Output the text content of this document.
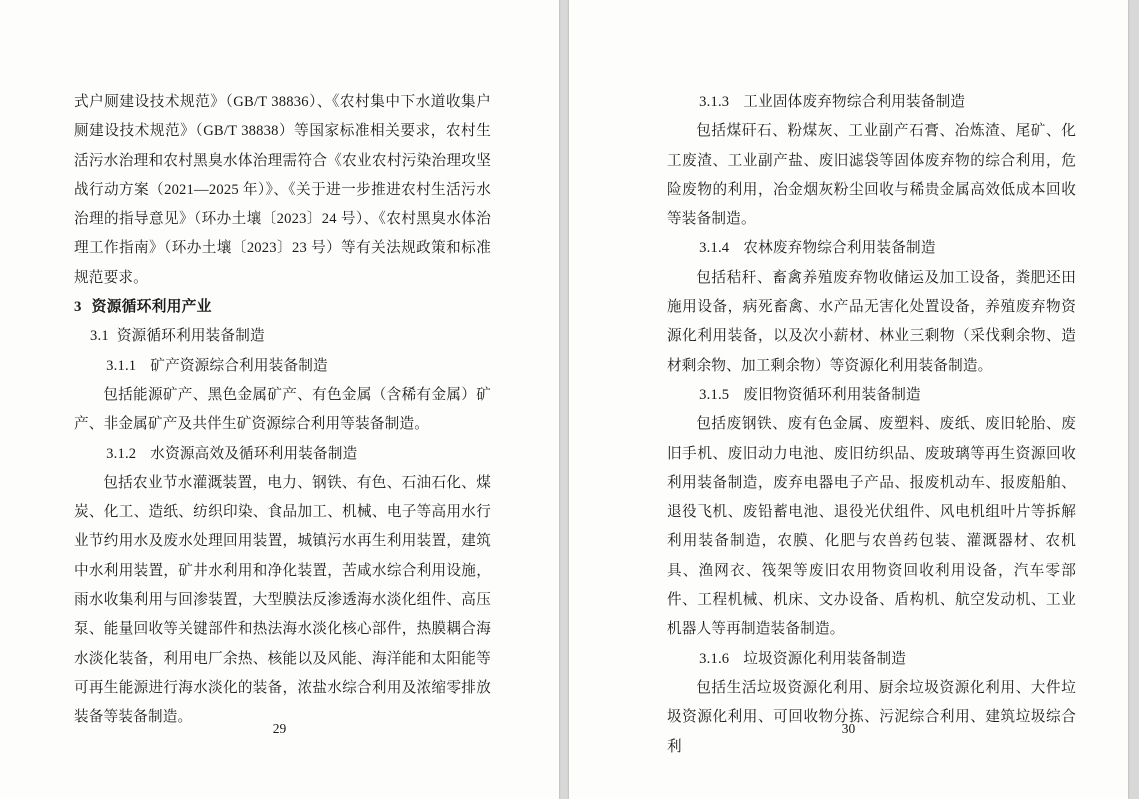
式户厕建设技术规范》（GB/T 38836）、《农村集中下水道收集户厕建设技术规范》（GB/T 38838）等国家标准相关要求，农村生活污水治理和农村黑臭水体治理需符合《农业农村污染治理攻坚战行动方案（2021—2025 年）》、《关于进一步推进农村生活污水治理的指导意见》（环办土壤〔2023〕24 号）、《农村黑臭水体治理工作指南》（环办土壤〔2023〕23 号）等有关法规政策和标准规范要求。

3 资源循环利用产业

3.1 资源循环利用装备制造

3.1.1 矿产资源综合利用装备制造

包括能源矿产、黑色金属矿产、有色金属（含稀有金属）矿产、非金属矿产及共伴生矿资源综合利用等装备制造。

3.1.2 水资源高效及循环利用装备制造

包括农业节水灌溉装置，电力、钢铁、有色、石油石化、煤炭、化工、造纸、纺织印染、食品加工、机械、电子等高用水行业节约用水及废水处理回用装置，城镇污水再生利用装置，建筑中水利用装置，矿井水利用和净化装置，苦咸水综合利用设施，雨水收集利用与回渗装置，大型膜法反渗透海水淡化组件、高压泵、能量回收等关键部件和热法海水淡化核心部件，热膜耦合海水淡化装备，利用电厂余热、核能以及风能、海洋能和太阳能等可再生能源进行海水淡化的装备，浓盐水综合利用及浓缩零排放装备等装备制造。

29

3.1.3 工业固体废弃物综合利用装备制造

包括煤矸石、粉煤灰、工业副产石膏、冶炼渣、尾矿、化工废渣、工业副产盐、废旧滤袋等固体废弃物的综合利用，危险废物的利用，冶金烟灰粉尘回收与稀贵金属高效低成本回收等装备制造。

3.1.4 农林废弃物综合利用装备制造

包括秸秆、畜禽养殖废弃物收储运及加工设备，粪肥还田施用设备，病死畜禽、水产品无害化处置设备，养殖废弃物资源化利用装备，以及次小薪材、林业三剩物（采伐剩余物、造材剩余物、加工剩余物）等资源化利用装备制造。

3.1.5 废旧物资循环利用装备制造

包括废钢铁、废有色金属、废塑料、废纸、废旧轮胎、废旧手机、废旧动力电池、废旧纺织品、废玻璃等再生资源回收利用装备制造，废弃电器电子产品、报废机动车、报废船舶、退役飞机、废铅蓄电池、退役光伏组件、风电机组叶片等拆解利用装备制造，农膜、化肥与农兽药包装、灌溉器材、农机具、渔网衣、筏架等废旧农用物资回收利用设备，汽车零部件、工程机械、机床、文办设备、盾构机、航空发动机、工业机器人等再制造装备制造。

3.1.6 垃圾资源化利用装备制造

包括生活垃圾资源化利用、厨余垃圾资源化利用、大件垃圾资源化利用、可回收物分拣、污泥综合利用、建筑垃圾综合利

30
